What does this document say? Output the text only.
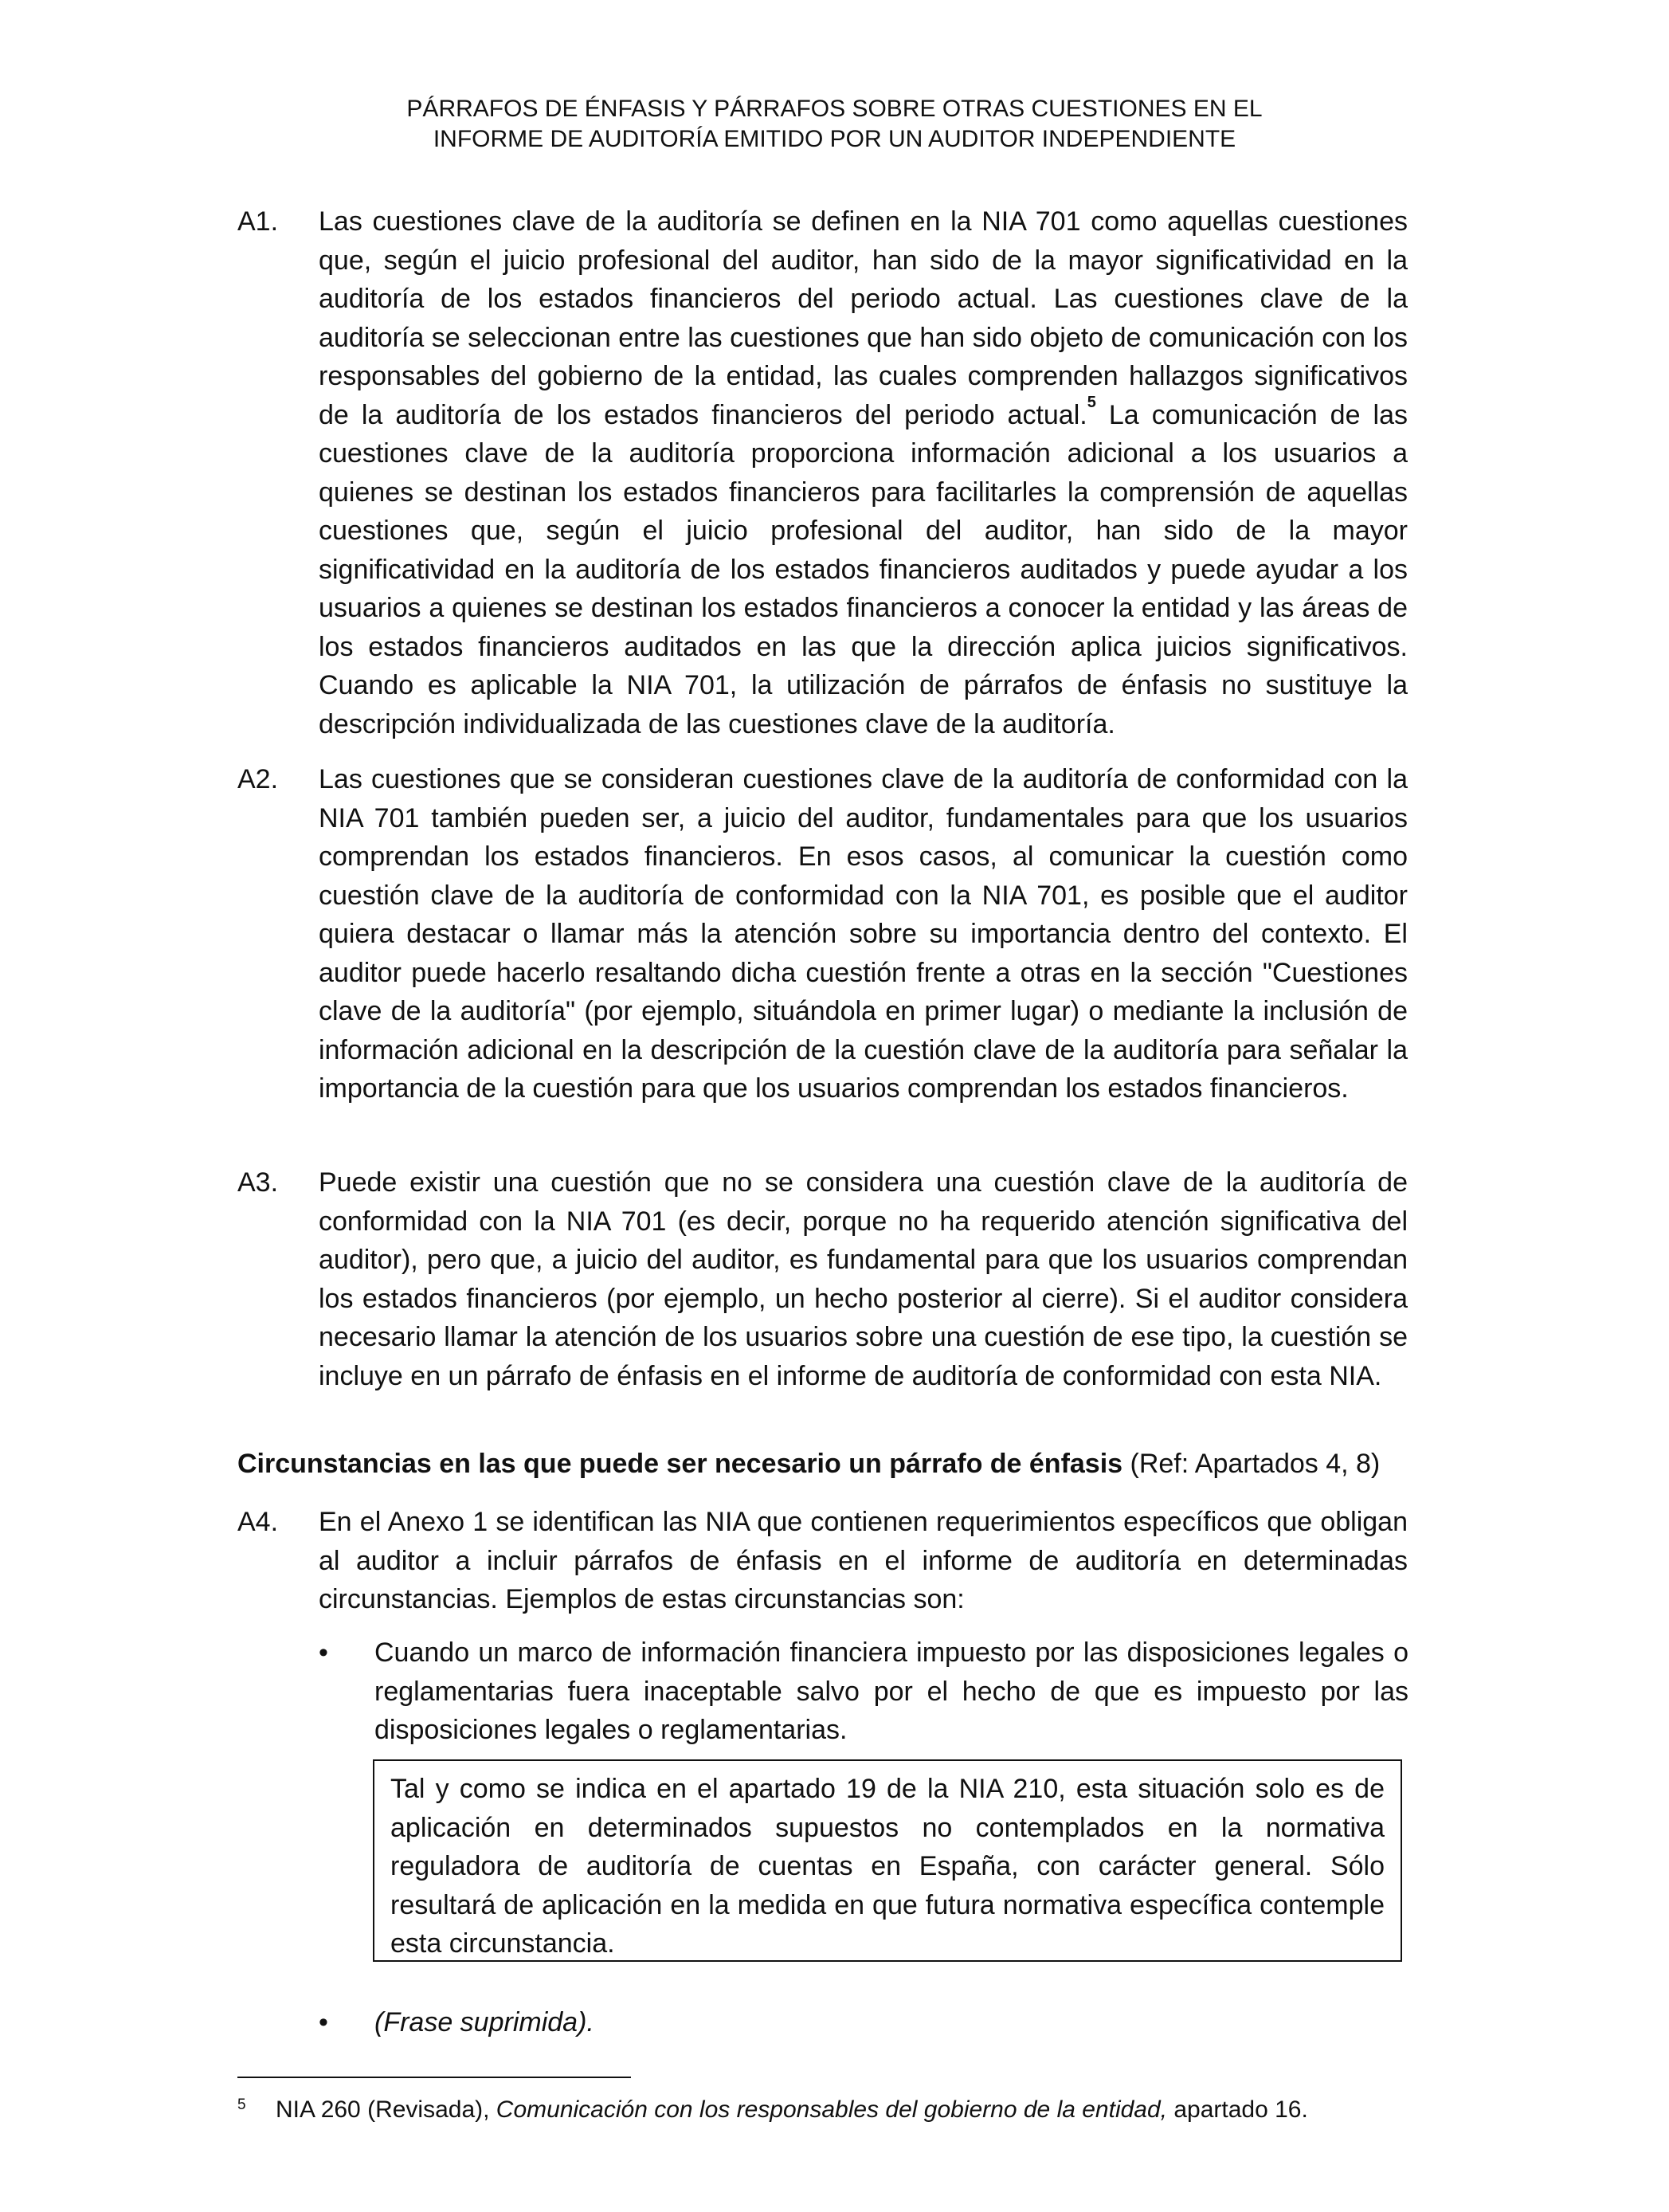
PÁRRAFOS DE ÉNFASIS Y PÁRRAFOS SOBRE OTRAS CUESTIONES EN EL
INFORME DE AUDITORÍA EMITIDO POR UN AUDITOR INDEPENDIENTE
A1. Las cuestiones clave de la auditoría se definen en la NIA 701 como aquellas cuestiones que, según el juicio profesional del auditor, han sido de la mayor significatividad en la auditoría de los estados financieros del periodo actual. Las cuestiones clave de la auditoría se seleccionan entre las cuestiones que han sido objeto de comunicación con los responsables del gobierno de la entidad, las cuales comprenden hallazgos significativos de la auditoría de los estados financieros del periodo actual.$^5$ La comunicación de las cuestiones clave de la auditoría proporciona información adicional a los usuarios a quienes se destinan los estados financieros para facilitarles la comprensión de aquellas cuestiones que, según el juicio profesional del auditor, han sido de la mayor significatividad en la auditoría de los estados financieros auditados y puede ayudar a los usuarios a quienes se destinan los estados financieros a conocer la entidad y las áreas de los estados financieros auditados en las que la dirección aplica juicios significativos. Cuando es aplicable la NIA 701, la utilización de párrafos de énfasis no sustituye la descripción individualizada de las cuestiones clave de la auditoría.
A2. Las cuestiones que se consideran cuestiones clave de la auditoría de conformidad con la NIA 701 también pueden ser, a juicio del auditor, fundamentales para que los usuarios comprendan los estados financieros. En esos casos, al comunicar la cuestión como cuestión clave de la auditoría de conformidad con la NIA 701, es posible que el auditor quiera destacar o llamar más la atención sobre su importancia dentro del contexto. El auditor puede hacerlo resaltando dicha cuestión frente a otras en la sección "Cuestiones clave de la auditoría" (por ejemplo, situándola en primer lugar) o mediante la inclusión de información adicional en la descripción de la cuestión clave de la auditoría para señalar la importancia de la cuestión para que los usuarios comprendan los estados financieros.
A3. Puede existir una cuestión que no se considera una cuestión clave de la auditoría de conformidad con la NIA 701 (es decir, porque no ha requerido atención significativa del auditor), pero que, a juicio del auditor, es fundamental para que los usuarios comprendan los estados financieros (por ejemplo, un hecho posterior al cierre). Si el auditor considera necesario llamar la atención de los usuarios sobre una cuestión de ese tipo, la cuestión se incluye en un párrafo de énfasis en el informe de auditoría de conformidad con esta NIA.
Circunstancias en las que puede ser necesario un párrafo de énfasis (Ref: Apartados 4, 8)
A4. En el Anexo 1 se identifican las NIA que contienen requerimientos específicos que obligan al auditor a incluir párrafos de énfasis en el informe de auditoría en determinadas circunstancias. Ejemplos de estas circunstancias son:
• Cuando un marco de información financiera impuesto por las disposiciones legales o reglamentarias fuera inaceptable salvo por el hecho de que es impuesto por las disposiciones legales o reglamentarias.
Tal y como se indica en el apartado 19 de la NIA 210, esta situación solo es de aplicación en determinados supuestos no contemplados en la normativa reguladora de auditoría de cuentas en España, con carácter general. Sólo resultará de aplicación en la medida en que futura normativa específica contemple esta circunstancia.
• (Frase suprimida).
5 NIA 260 (Revisada), Comunicación con los responsables del gobierno de la entidad, apartado 16.
